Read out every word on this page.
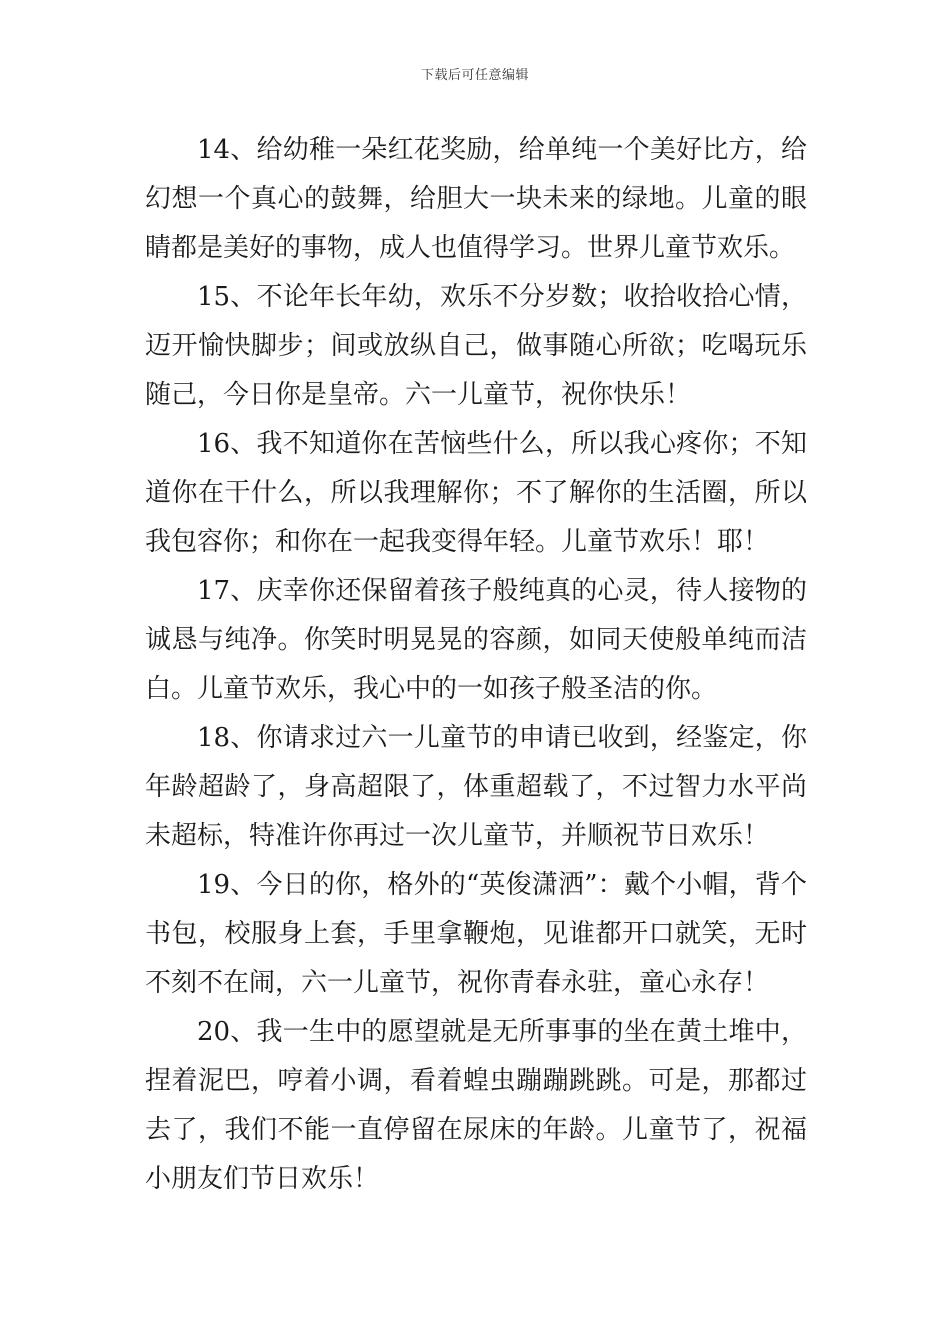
下载后可任意编辑

14、给幼稚一朵红花奖励，给单纯一个美好比方，给幻想一个真心的鼓舞，给胆大一块未来的绿地。儿童的眼睛都是美好的事物，成人也值得学习。世界儿童节欢乐。

15、不论年长年幼，欢乐不分岁数；收拾收拾心情，迈开愉快脚步；间或放纵自己，做事随心所欲；吃喝玩乐随己，今日你是皇帝。六一儿童节，祝你快乐！

16、我不知道你在苦恼些什么，所以我心疼你；不知道你在干什么，所以我理解你；不了解你的生活圈，所以我包容你；和你在一起我变得年轻。儿童节欢乐！耶！

17、庆幸你还保留着孩子般纯真的心灵，待人接物的诚恳与纯净。你笑时明晃晃的容颜，如同天使般单纯而洁白。儿童节欢乐，我心中的一如孩子般圣洁的你。

18、你请求过六一儿童节的申请已收到，经鉴定，你年龄超龄了，身高超限了，体重超载了，不过智力水平尚未超标，特准许你再过一次儿童节，并顺祝节日欢乐！

19、今日的你，格外的“英俊潇洒”：戴个小帽，背个书包，校服身上套，手里拿鞭炮，见谁都开口就笑，无时不刻不在闹，六一儿童节，祝你青春永驻，童心永存！

20、我一生中的愿望就是无所事事的坐在黄土堆中，捏着泥巴，哼着小调，看着蝗虫蹦蹦跳跳。可是，那都过去了，我们不能一直停留在尿床的年龄。儿童节了，祝福小朋友们节日欢乐！
